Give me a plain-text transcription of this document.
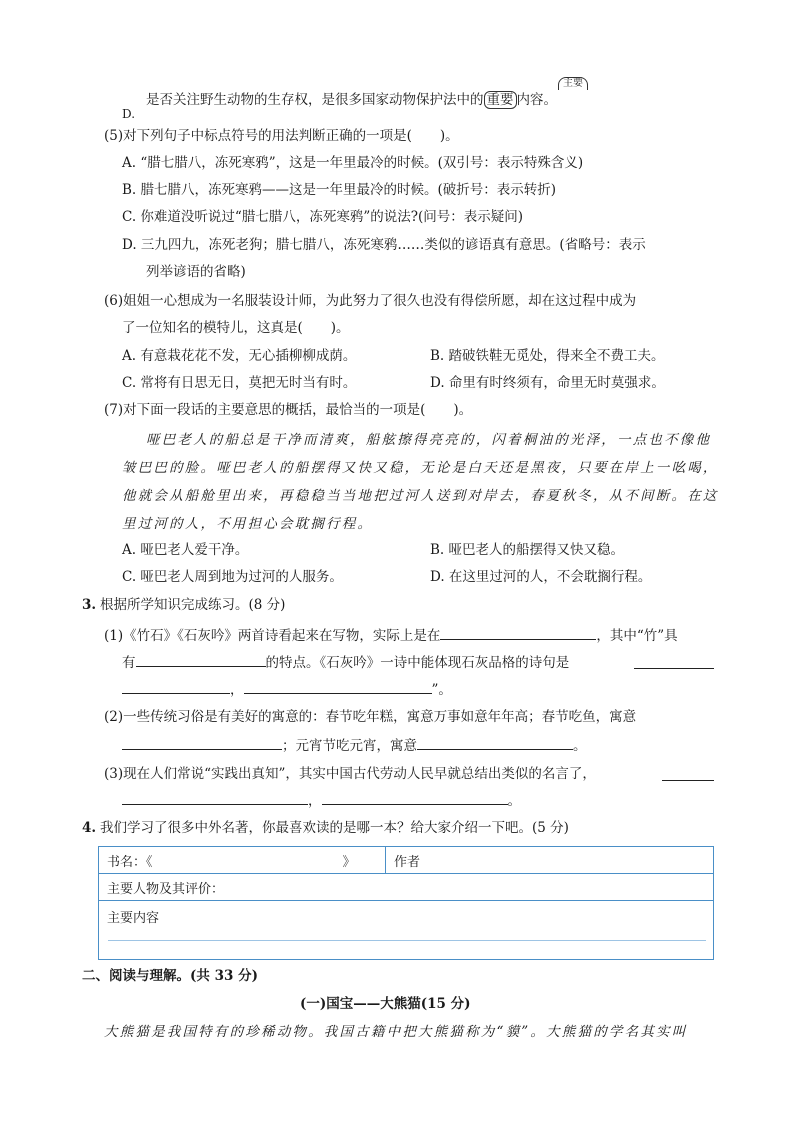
D.
是否关注野生动物的生存权，是很多国家动物保护法中的 重要 内容。
主要
(5)对下列句子中标点符号的用法判断正确的一项是( )。
A. “腊七腊八，冻死寒鸦”，这是一年里最冷的时候。(双引号：表示特殊含义)
B. 腊七腊八，冻死寒鸦——这是一年里最冷的时候。(破折号：表示转折)
C. 你难道没听说过“腊七腊八，冻死寒鸦”的说法?(问号：表示疑问)
D. 三九四九，冻死老狗；腊七腊八，冻死寒鸦……类似的谚语真有意思。(省略号：表示
列举谚语的省略)
(6)姐姐一心想成为一名服装设计师，为此努力了很久也没有得偿所愿，却在这过程中成为
了一位知名的模特儿，这真是( )。
A. 有意栽花花不发，无心插柳柳成荫。	B. 踏破铁鞋无觅处，得来全不费工夫。
C. 常将有日思无日，莫把无时当有时。	D. 命里有时终须有，命里无时莫强求。
(7)对下面一段话的主要意思的概括，最恰当的一项是( )。
哑巴老人的船总是干净而清爽，船舷擦得亮亮的，闪着桐油的光泽，一点也不像他
皱巴巴的脸。哑巴老人的船摆得又快又稳，无论是白天还是黑夜，只要在岸上一吆喝，
他就会从船舱里出来，再稳稳当当地把过河人送到对岸去，春夏秋冬，从不间断。在这
里过河的人，不用担心会耽搁行程。
A. 哑巴老人爱干净。	B. 哑巴老人的船摆得又快又稳。
C. 哑巴老人周到地为过河的人服务。	D. 在这里过河的人，不会耽搁行程。
3. 根据所学知识完成练习。(8 分)
(1)《竹石》《石灰吟》两首诗看起来在写物，实际上是在	，其中“竹”具
有	的特点。《石灰吟》一诗中能体现石灰品格的诗句是
，	”。
(2)一些传统习俗是有美好的寓意的：春节吃年糕，寓意万事如意年年高；春节吃鱼，寓意
；元宵节吃元宵，寓意	。
(3)现在人们常说“实践出真知”，其实中国古代劳动人民早就总结出类似的名言了，
，	。
4. 我们学习了很多中外名著，你最喜欢读的是哪一本？给大家介绍一下吧。(5 分)
书名：《	》	作者
主要人物及其评价：
主要内容
二、阅读与理解。(共 33 分)
(一)国宝——大熊猫(15 分)
大熊猫是我国特有的珍稀动物。我国古籍中把大熊猫称为“貘”。大熊猫的学名其实叫
